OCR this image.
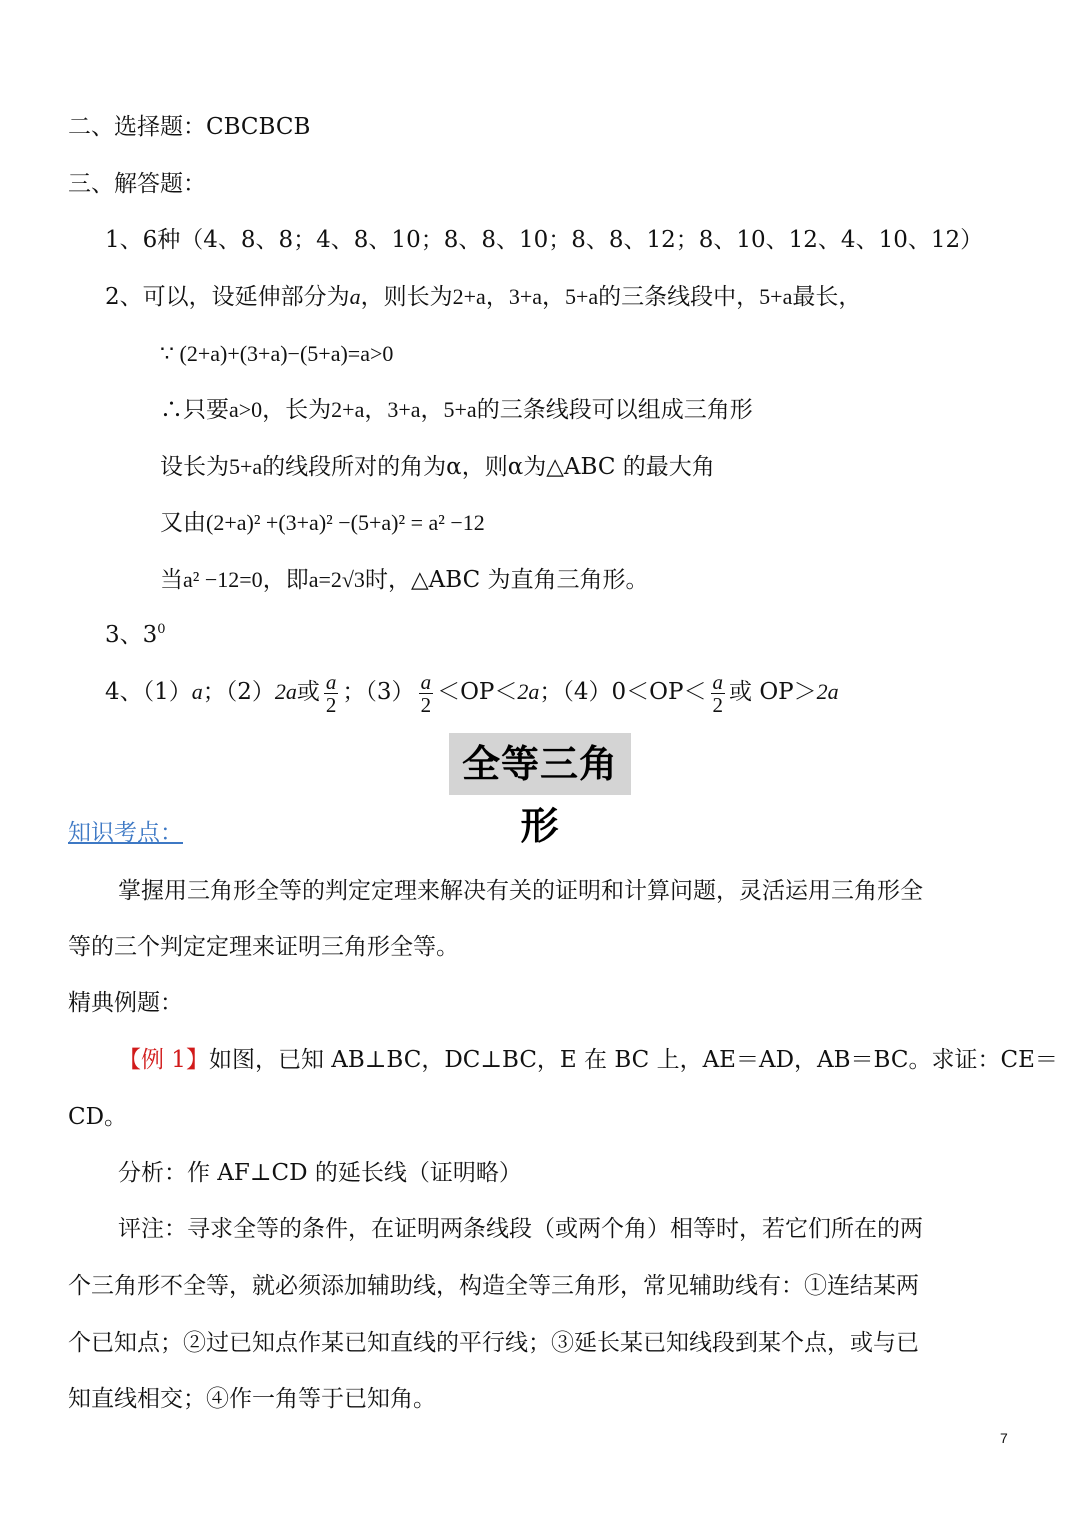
二、选择题：CBCBCB
三、解答题：
1、6种（4、8、8；4、8、10；8、8、10；8、8、12；8、10、12、4、10、12）
2、可以，设延伸部分为a，则长为2+a，3+a，5+a的三条线段中，5+a最长，
∵ (2+a)+(3+a)−(5+a)=a>0
∴只要a>0，长为2+a，3+a，5+a的三条线段可以组成三角形
设长为5+a的线段所对的角为α，则α为△ABC 的最大角
又由(2+a)² +(3+a)² −(5+a)² = a² −12
当a² −12=0，即a=2√3时，△ABC 为直角三角形。
3、$3^0$
4、（1）a；（2）2a或 $\frac{a}{2}$ ；$(3) \frac{a}{2} <OP<2a$；$(4)0<OP< \frac{a}{2}$ 或 OP＞2a
全等三角形
知识考点：
掌握用三角形全等的判定定理来解决有关的证明和计算问题，灵活运用三角形全
等的三个判定定理来证明三角形全等。
精典例题：
【例 1】如图，已知 AB⊥BC，DC⊥BC，E 在 BC 上，AE＝AD，AB＝BC。求证：CE＝
CD。
分析：作 AF⊥CD 的延长线（证明略）
评注：寻求全等的条件，在证明两条线段（或两个角）相等时，若它们所在的两
个三角形不全等，就必须添加辅助线，构造全等三角形，常见辅助线有：①连结某两
个已知点；②过已知点作某已知直线的平行线；③延长某已知线段到某个点，或与已
知直线相交；④作一角等于已知角。
7
